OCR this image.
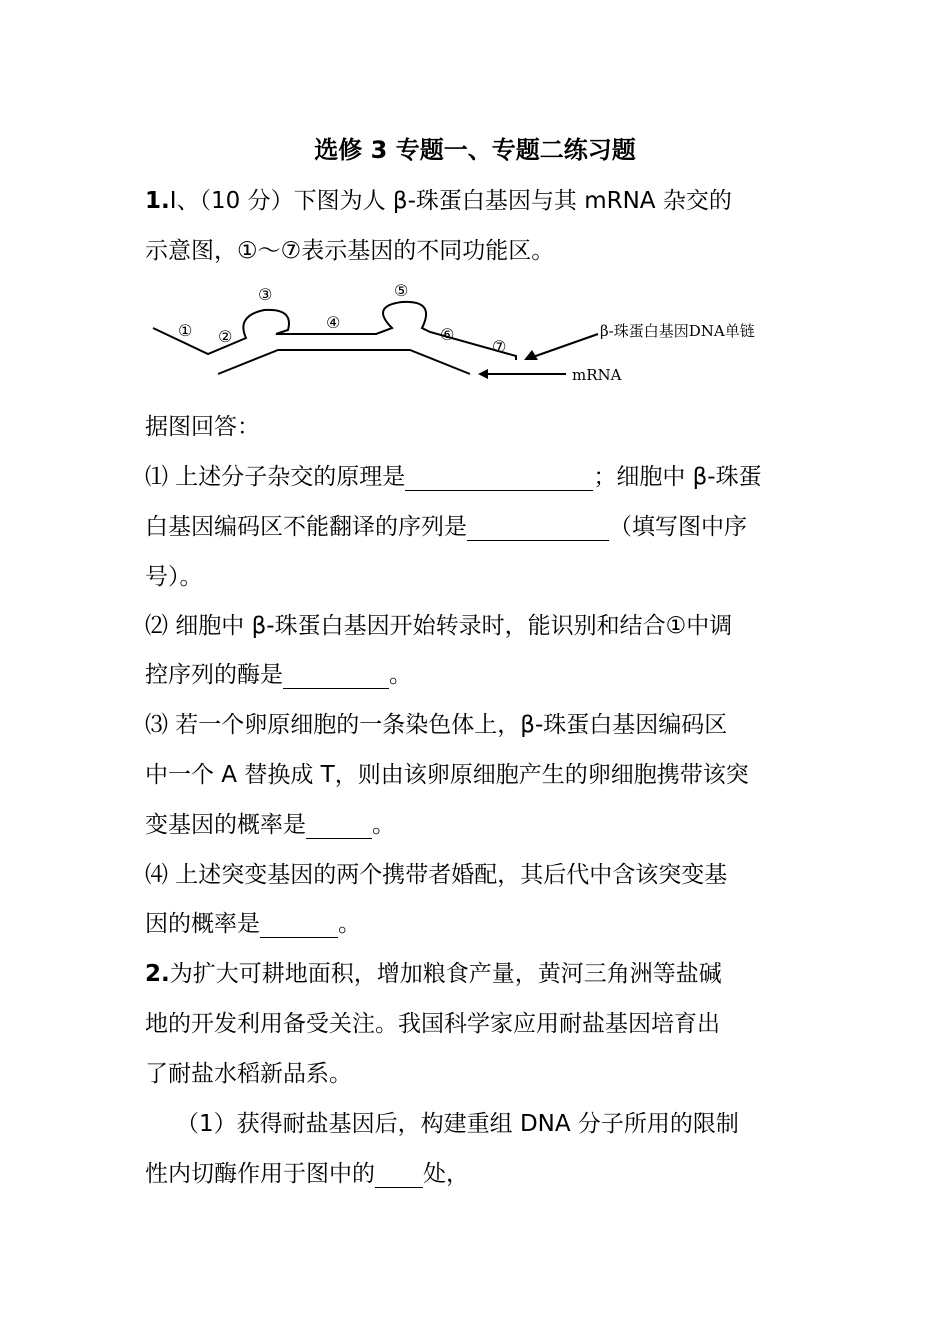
选修 3 专题一、专题二练习题
1.I、（10 分）下图为人 β-珠蛋白基因与其 mRNA 杂交的
示意图，①～⑦表示基因的不同功能区。
① ②
③
④
⑤
⑥
⑦
β-珠蛋白基因DNA单链
mRNA
据图回答：
⑴ 上述分子杂交的原理是	；细胞中 β-珠蛋
白基因编码区不能翻译的序列是	（填写图中序
号）。
⑵ 细胞中 β-珠蛋白基因开始转录时，能识别和结合①中调
控序列的酶是	。
⑶ 若一个卵原细胞的一条染色体上，β-珠蛋白基因编码区
中一个 A 替换成 T，则由该卵原细胞产生的卵细胞携带该突
变基因的概率是	。
⑷ 上述突变基因的两个携带者婚配，其后代中含该突变基
因的概率是	。
2.为扩大可耕地面积，增加粮食产量，黄河三角洲等盐碱
地的开发利用备受关注。我国科学家应用耐盐基因培育出
了耐盐水稻新品系。
（1）获得耐盐基因后，构建重组 DNA 分子所用的限制
性内切酶作用于图中的 处，
